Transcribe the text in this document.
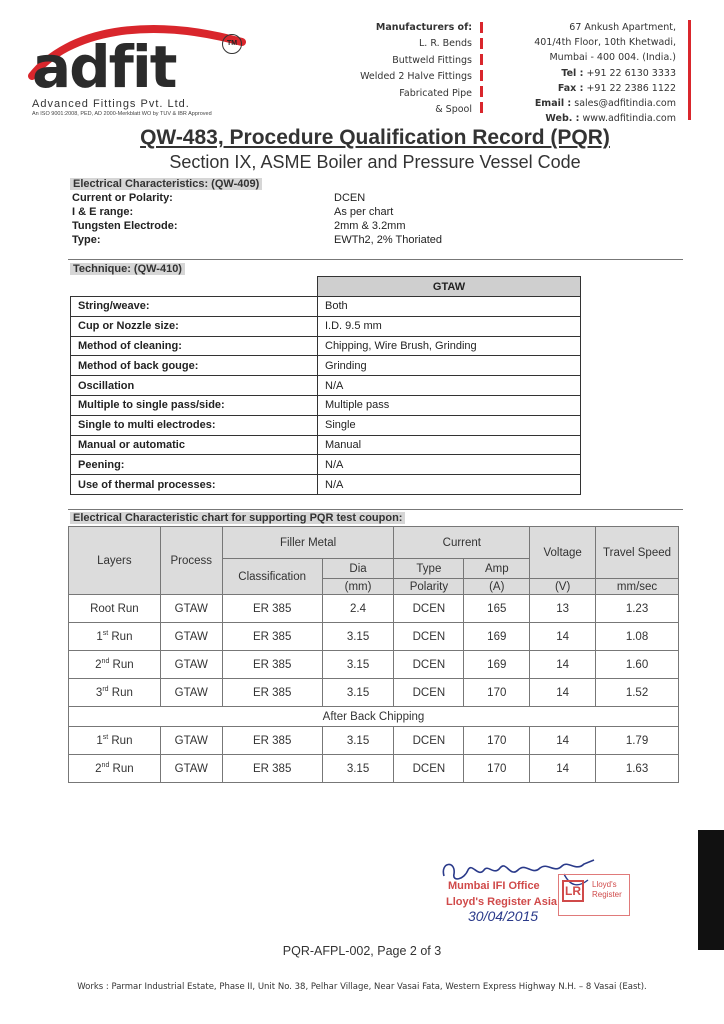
adfit	TM
Advanced Fittings Pvt. Ltd.
An ISO 9001:2008, PED, AD 2000-Merkblatt WO by TUV & IBR Approved
Manufacturers of:
L. R. Bends
Buttweld Fittings
Welded 2 Halve Fittings
Fabricated Pipe
& Spool
67 Ankush Apartment,
401/4th Floor, 10th Khetwadi,
Mumbai - 400 004. (India.)
Tel : +91 22 6130 3333
Fax : +91 22 2386 1122
Email : sales@adfitindia.com
Web. : www.adfitindia.com
QW-483, Procedure Qualification Record (PQR)
Section IX, ASME Boiler and Pressure Vessel Code
Electrical Characteristics: (QW-409)
Current or Polarity:	DCEN
I & E range:	As per chart
Tungsten Electrode:	2mm & 3.2mm
Type:	EWTh2, 2% Thoriated
Technique: (QW-410)
	GTAW
String/weave:	Both
Cup or Nozzle size:	I.D. 9.5 mm
Method of cleaning:	Chipping, Wire Brush, Grinding
Method of back gouge:	Grinding
Oscillation	N/A
Multiple to single pass/side:	Multiple pass
Single to multi electrodes:	Single
Manual or automatic	Manual
Peening:	N/A
Use of thermal processes:	N/A
Electrical Characteristic chart for supporting PQR test coupon:
Layers	Process	Filler Metal		Current		Voltage	Travel Speed
		Classification	Dia	Type	Amp		
			(mm)	Polarity	(A)	(V)	mm/sec
Root Run	GTAW	ER 385	2.4	DCEN	165	13	1.23
1st Run	GTAW	ER 385	3.15	DCEN	169	14	1.08
2nd Run	GTAW	ER 385	3.15	DCEN	169	14	1.60
3rd Run	GTAW	ER 385	3.15	DCEN	170	14	1.52
After Back Chipping							
1st Run	GTAW	ER 385	3.15	DCEN	170	14	1.79
2nd Run	GTAW	ER 385	3.15	DCEN	170	14	1.63
Mumbai IFI Office
Lloyd's Register Asia
30/04/2015
LR	Lloyd's
Register
PQR-AFPL-002, Page 2 of 3
Works : Parmar Industrial Estate, Phase II, Unit No. 38, Pelhar Village, Near Vasai Fata, Western Express Highway N.H. – 8 Vasai (East).
